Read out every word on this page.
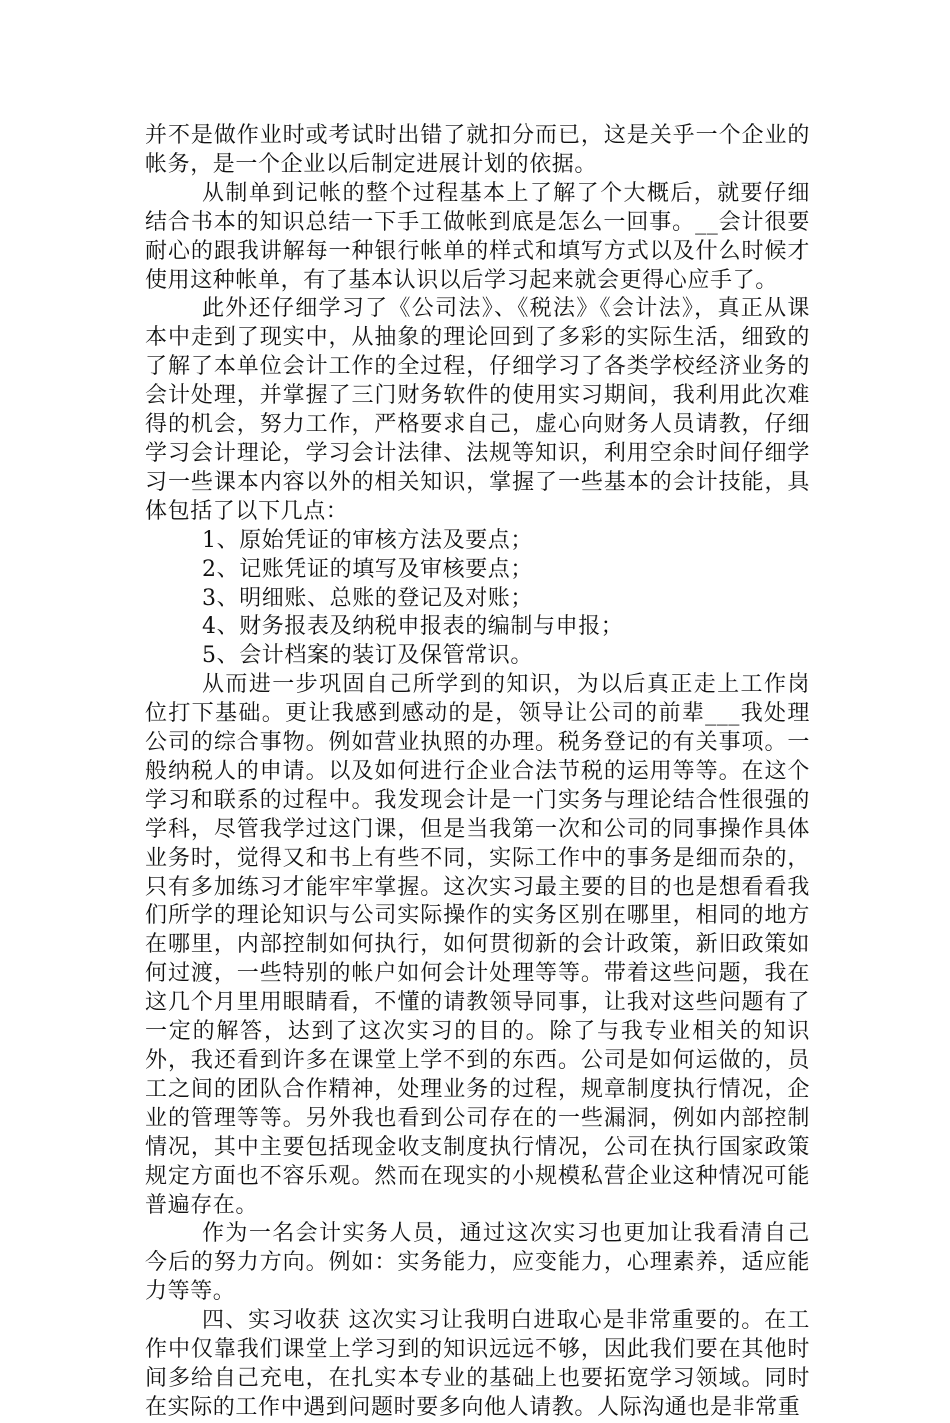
并不是做作业时或考试时出错了就扣分而已，这是关乎一个企业的帐务，是一个企业以后制定进展计划的依据。

从制单到记帐的整个过程基本上了解了个大概后，就要仔细结合书本的知识总结一下手工做帐到底是怎么一回事。__会计很要耐心的跟我讲解每一种银行帐单的样式和填写方式以及什么时候才使用这种帐单，有了基本认识以后学习起来就会更得心应手了。

此外还仔细学习了《公司法》、《税法》《会计法》，真正从课本中走到了现实中，从抽象的理论回到了多彩的实际生活，细致的了解了本单位会计工作的全过程，仔细学习了各类学校经济业务的会计处理，并掌握了三门财务软件的使用实习期间，我利用此次难得的机会，努力工作，严格要求自己，虚心向财务人员请教，仔细学习会计理论，学习会计法律、法规等知识，利用空余时间仔细学习一些课本内容以外的相关知识，掌握了一些基本的会计技能，具体包括了以下几点：

1、原始凭证的审核方法及要点；

2、记账凭证的填写及审核要点；

3、明细账、总账的登记及对账；

4、财务报表及纳税申报表的编制与申报；

5、会计档案的装订及保管常识。

从而进一步巩固自己所学到的知识，为以后真正走上工作岗位打下基础。更让我感到感动的是，领导让公司的前辈___我处理公司的综合事物。例如营业执照的办理。税务登记的有关事项。一般纳税人的申请。以及如何进行企业合法节税的运用等等。在这个学习和联系的过程中。我发现会计是一门实务与理论结合性很强的学科，尽管我学过这门课，但是当我第一次和公司的同事操作具体业务时，觉得又和书上有些不同，实际工作中的事务是细而杂的，只有多加练习才能牢牢掌握。这次实习最主要的目的也是想看看我们所学的理论知识与公司实际操作的实务区别在哪里，相同的地方在哪里，内部控制如何执行，如何贯彻新的会计政策，新旧政策如何过渡，一些特别的帐户如何会计处理等等。带着这些问题，我在这几个月里用眼睛看，不懂的请教领导同事，让我对这些问题有了一定的解答，达到了这次实习的目的。除了与我专业相关的知识外，我还看到许多在课堂上学不到的东西。公司是如何运做的，员工之间的团队合作精神，处理业务的过程，规章制度执行情况，企业的管理等等。另外我也看到公司存在的一些漏洞，例如内部控制情况，其中主要包括现金收支制度执行情况，公司在执行国家政策规定方面也不容乐观。然而在现实的小规模私营企业这种情况可能普遍存在。

作为一名会计实务人员，通过这次实习也更加让我看清自己今后的努力方向。例如：实务能力，应变能力，心理素养，适应能力等等。

四、实习收获 这次实习让我明白进取心是非常重要的。在工作中仅靠我们课堂上学习到的知识远远不够，因此我们要在其他时间多给自己充电，在扎实本专业的基础上也要拓宽学习领域。同时在实际的工作中遇到问题时要多向他人请教。人际沟通也是非常重
